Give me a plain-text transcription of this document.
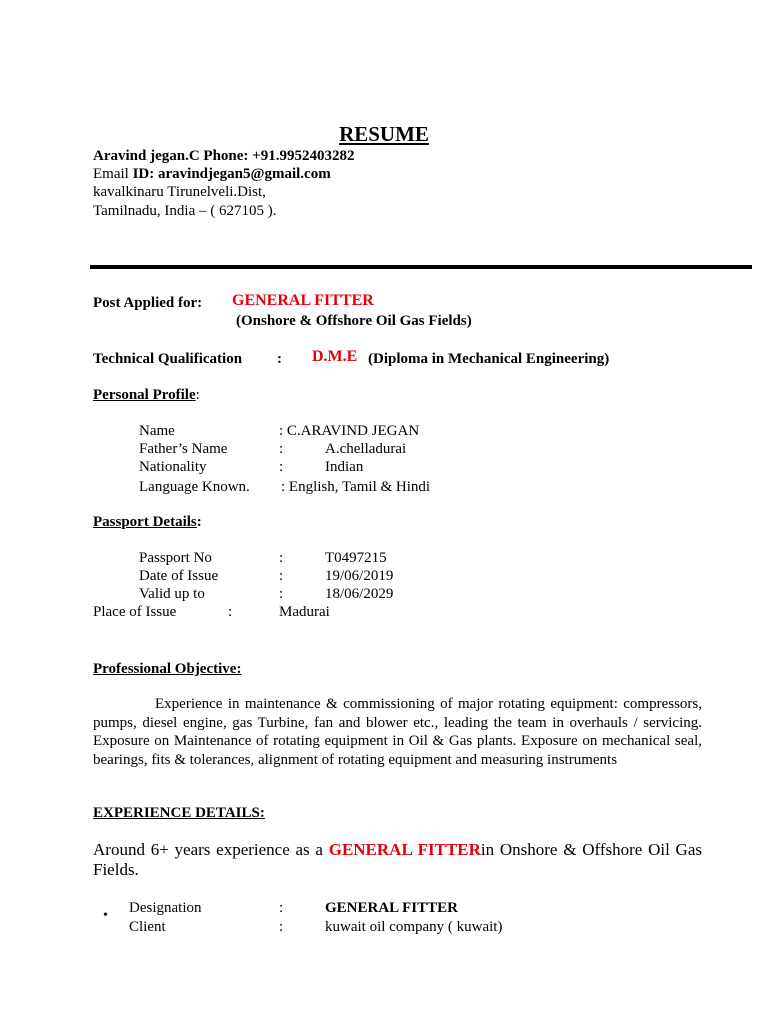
RESUME
Aravind jegan.C Phone: +91.9952403282
Email ID: aravindjegan5@gmail.com
kavalkinaru Tirunelveli.Dist,
Tamilnadu, India – ( 627105 ).
Post Applied for: GENERAL FITTER
(Onshore & Offshore Oil Gas Fields)
Technical Qualification : D.M.E (Diploma in Mechanical Engineering)
Personal Profile:
Name	: C.ARAVIND JEGAN
Father’s Name	:	A.chelladurai
Nationality	:	Indian
Language Known. : English, Tamil & Hindi
Passport Details:
Passport No	:	T0497215
Date of Issue	:	19/06/2019
Valid up to	:	18/06/2029
Place of Issue	:	Madurai
Professional Objective:
Experience in maintenance & commissioning of major rotating equipment: compressors, pumps, diesel engine, gas Turbine, fan and blower etc., leading the team in overhauls / servicing. Exposure on Maintenance of rotating equipment in Oil & Gas plants. Exposure on mechanical seal, bearings, fits & tolerances, alignment of rotating equipment and measuring instruments
EXPERIENCE DETAILS:
Around 6+ years experience as a GENERAL FITTERin Onshore & Offshore Oil Gas Fields.
• Designation	:	GENERAL FITTER
Client	:	kuwait oil company ( kuwait)
